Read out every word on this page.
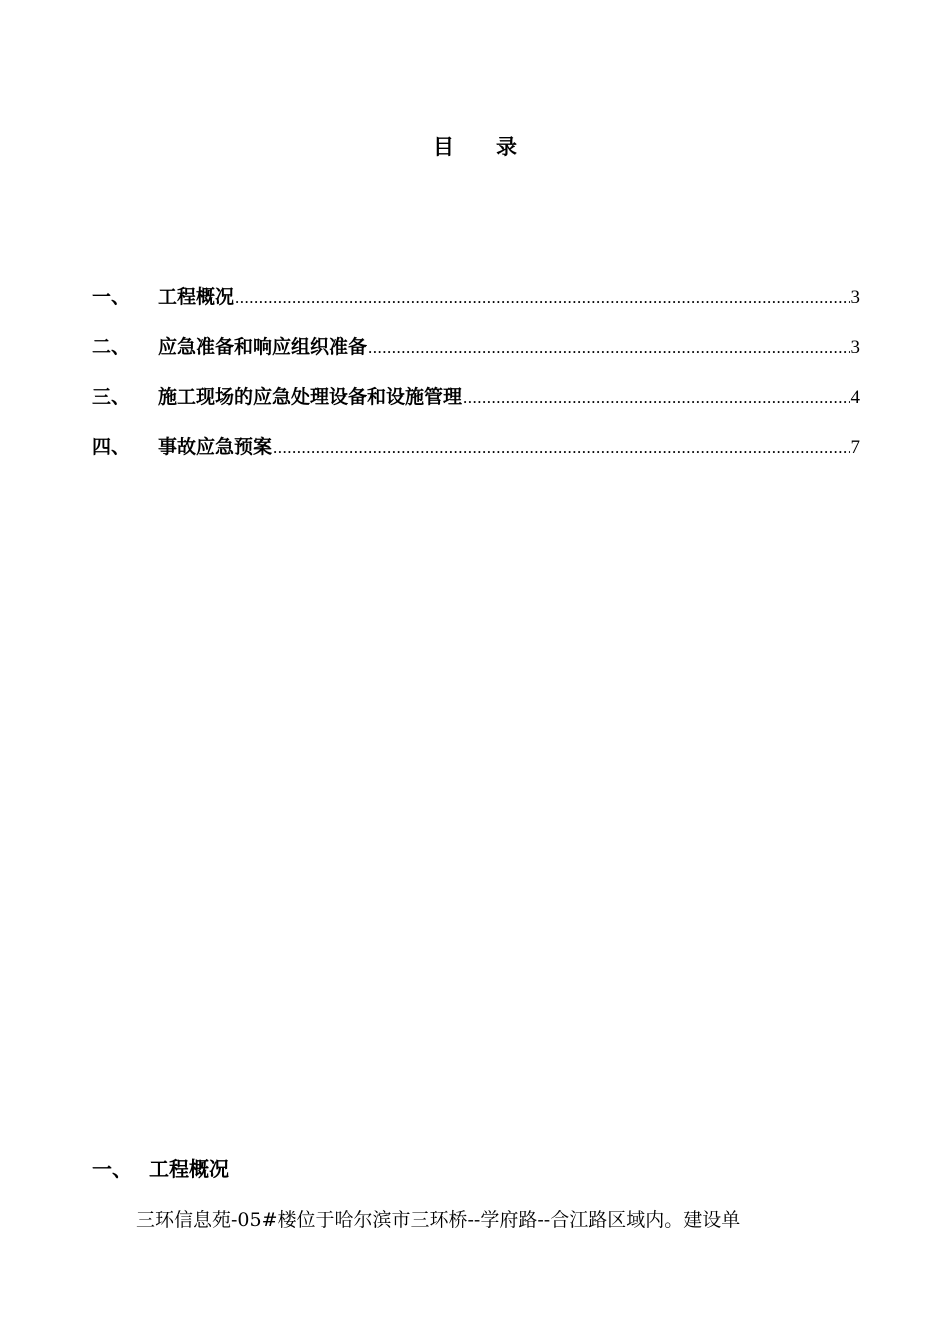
目 录
一、	工程概况 .....	3
二、	应急准备和响应组织准备 .....	3
三、	施工现场的应急处理设备和设施管理 .....	4
四、	事故应急预案 .....	7
一、 工程概况
三环信息苑-05#楼位于哈尔滨市三环桥--学府路--合江路区域内。建设单
